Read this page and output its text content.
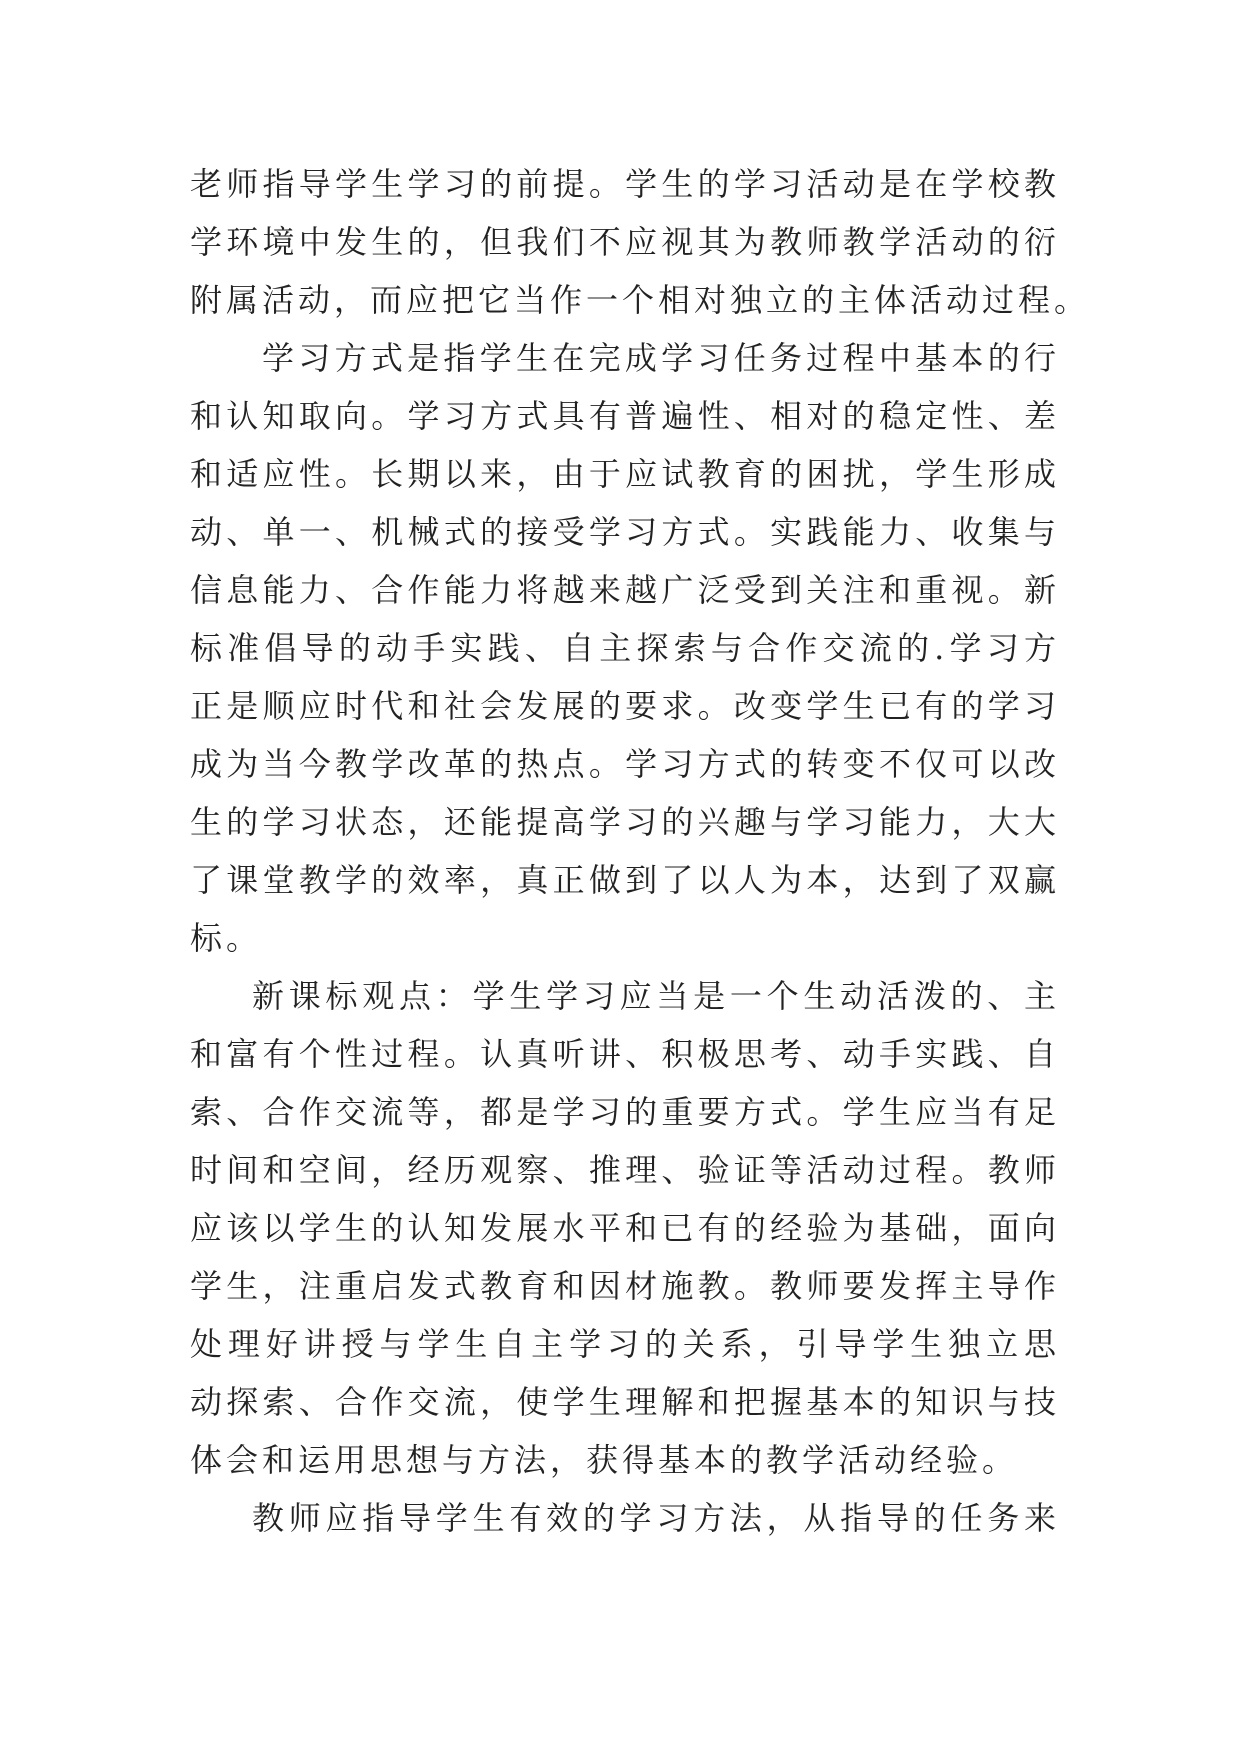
老师指导学生学习的前提。学生的学习活动是在学校教
学环境中发生的，但我们不应视其为教师教学活动的衍
附属活动，而应把它当作一个相对独立的主体活动过程。
学习方式是指学生在完成学习任务过程中基本的行
和认知取向。学习方式具有普遍性、相对的稳定性、差
和适应性。长期以来，由于应试教育的困扰，学生形成
动、单一、机械式的接受学习方式。实践能力、收集与
信息能力、合作能力将越来越广泛受到关注和重视。新
标准倡导的动手实践、自主探索与合作交流的.学习方
正是顺应时代和社会发展的要求。改变学生已有的学习
成为当今教学改革的热点。学习方式的转变不仅可以改
生的学习状态，还能提高学习的兴趣与学习能力，大大
了课堂教学的效率，真正做到了以人为本，达到了双赢
标。
新课标观点：学生学习应当是一个生动活泼的、主
和富有个性过程。认真听讲、积极思考、动手实践、自
索、合作交流等，都是学习的重要方式。学生应当有足
时间和空间，经历观察、推理、验证等活动过程。教师
应该以学生的认知发展水平和已有的经验为基础，面向
学生，注重启发式教育和因材施教。教师要发挥主导作
处理好讲授与学生自主学习的关系，引导学生独立思
动探索、合作交流，使学生理解和把握基本的知识与技
体会和运用思想与方法，获得基本的教学活动经验。
教师应指导学生有效的学习方法，从指导的任务来
